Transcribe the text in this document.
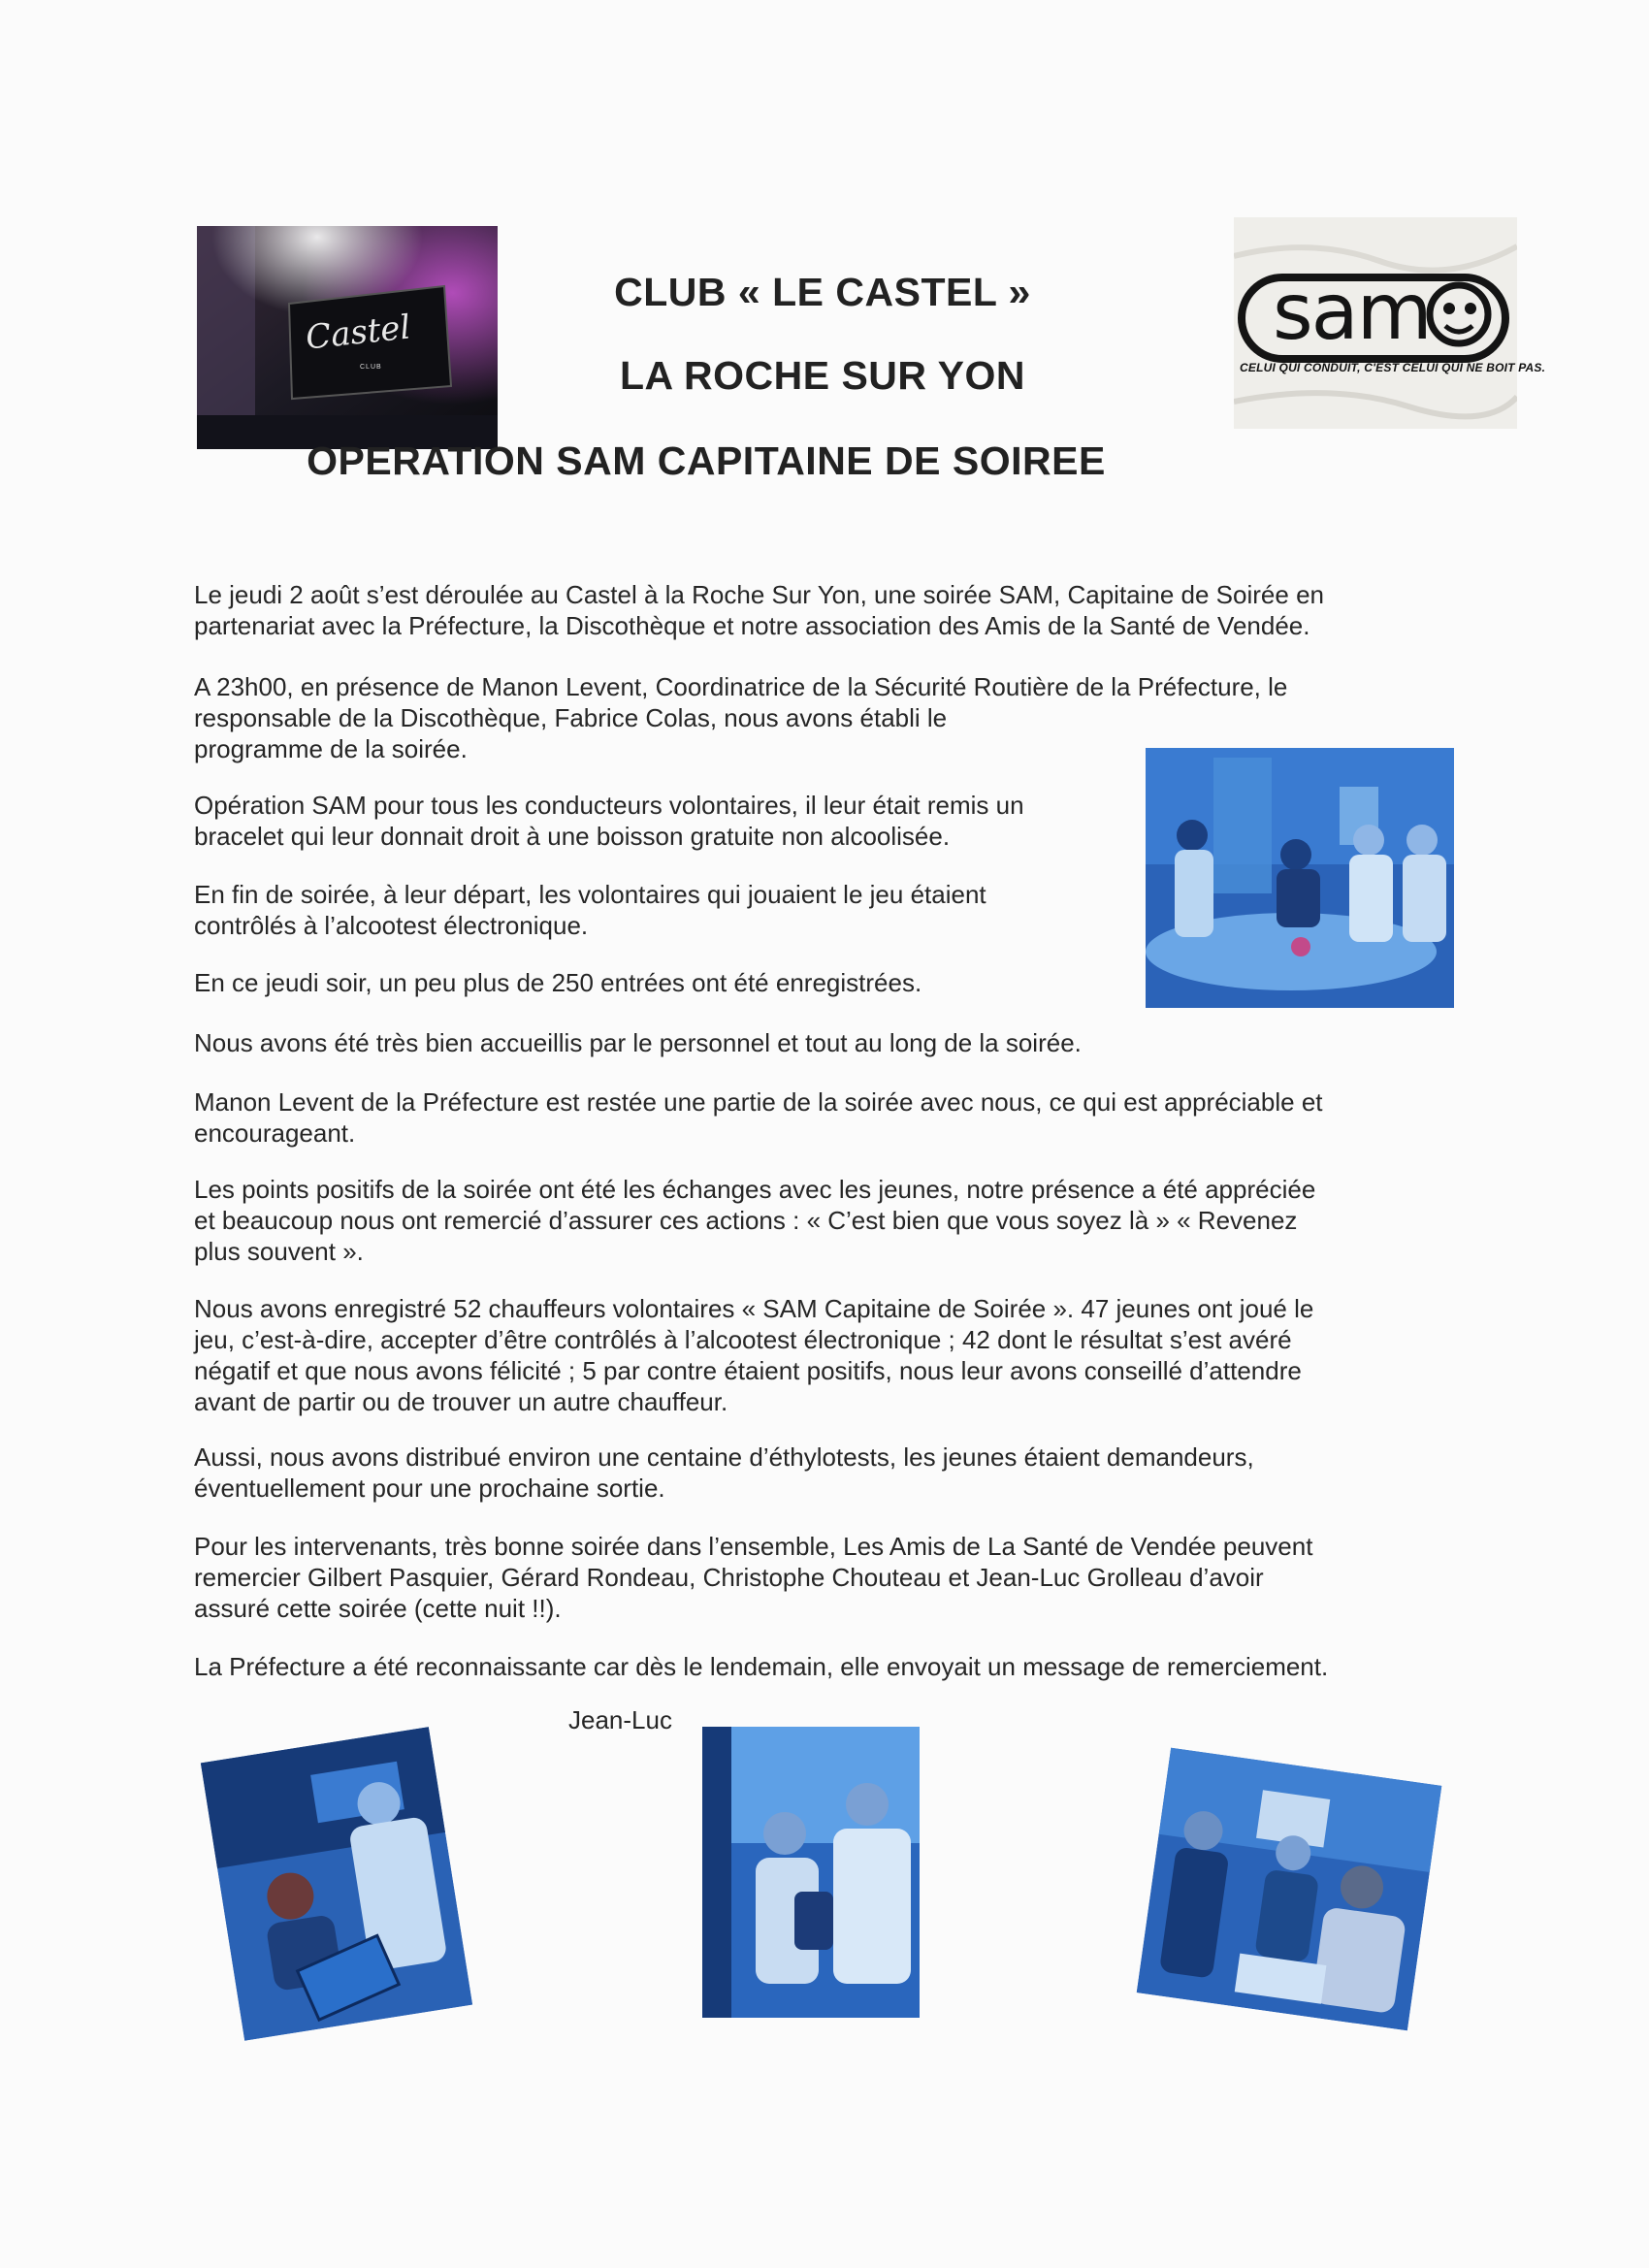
Castel
CLUB
sam
CELUI QUI CONDUIT, C'EST CELUI QUI NE BOIT PAS.
CLUB « LE CASTEL »
LA ROCHE SUR YON
OPERATION SAM CAPITAINE DE SOIREE
Le jeudi 2 août s’est déroulée au Castel à la Roche Sur Yon, une soirée SAM, Capitaine de Soirée en
partenariat avec la Préfecture, la Discothèque et notre association des Amis de la Santé de Vendée.
A 23h00, en présence de Manon Levent, Coordinatrice de la Sécurité Routière de la Préfecture, le
responsable de la Discothèque, Fabrice Colas, nous avons établi le
programme de la soirée.
Opération SAM pour tous les conducteurs volontaires, il leur était remis un
bracelet qui leur donnait droit à une boisson gratuite non alcoolisée.
En fin de soirée, à leur départ, les volontaires qui jouaient le jeu étaient
contrôlés à l’alcootest électronique.
En ce jeudi soir, un peu plus de 250 entrées ont été enregistrées.
Nous avons été très bien accueillis par le personnel et tout au long de la soirée.
Manon Levent de la Préfecture est restée une partie de la soirée avec nous, ce qui est appréciable et
encourageant.
Les points positifs de la soirée ont été les échanges avec les jeunes, notre présence a été appréciée
et beaucoup nous ont remercié d’assurer ces actions : « C’est bien que vous soyez là » « Revenez
plus souvent ».
Nous avons enregistré 52 chauffeurs volontaires « SAM Capitaine de Soirée ». 47 jeunes ont joué le
jeu, c’est-à-dire, accepter d’être contrôlés à l’alcootest électronique ; 42 dont le résultat s’est avéré
négatif et que nous avons félicité ; 5 par contre étaient positifs, nous leur avons conseillé d’attendre
avant de partir ou de trouver un autre chauffeur.
Aussi, nous avons distribué environ une centaine d’éthylotests, les jeunes étaient demandeurs,
éventuellement pour une prochaine sortie.
Pour les intervenants, très bonne soirée dans l’ensemble, Les Amis de La Santé de Vendée peuvent
remercier Gilbert Pasquier, Gérard Rondeau, Christophe Chouteau et Jean-Luc Grolleau d’avoir
assuré cette soirée (cette nuit !!).
La Préfecture a été reconnaissante car dès le lendemain, elle envoyait un message de remerciement.
Jean-Luc
